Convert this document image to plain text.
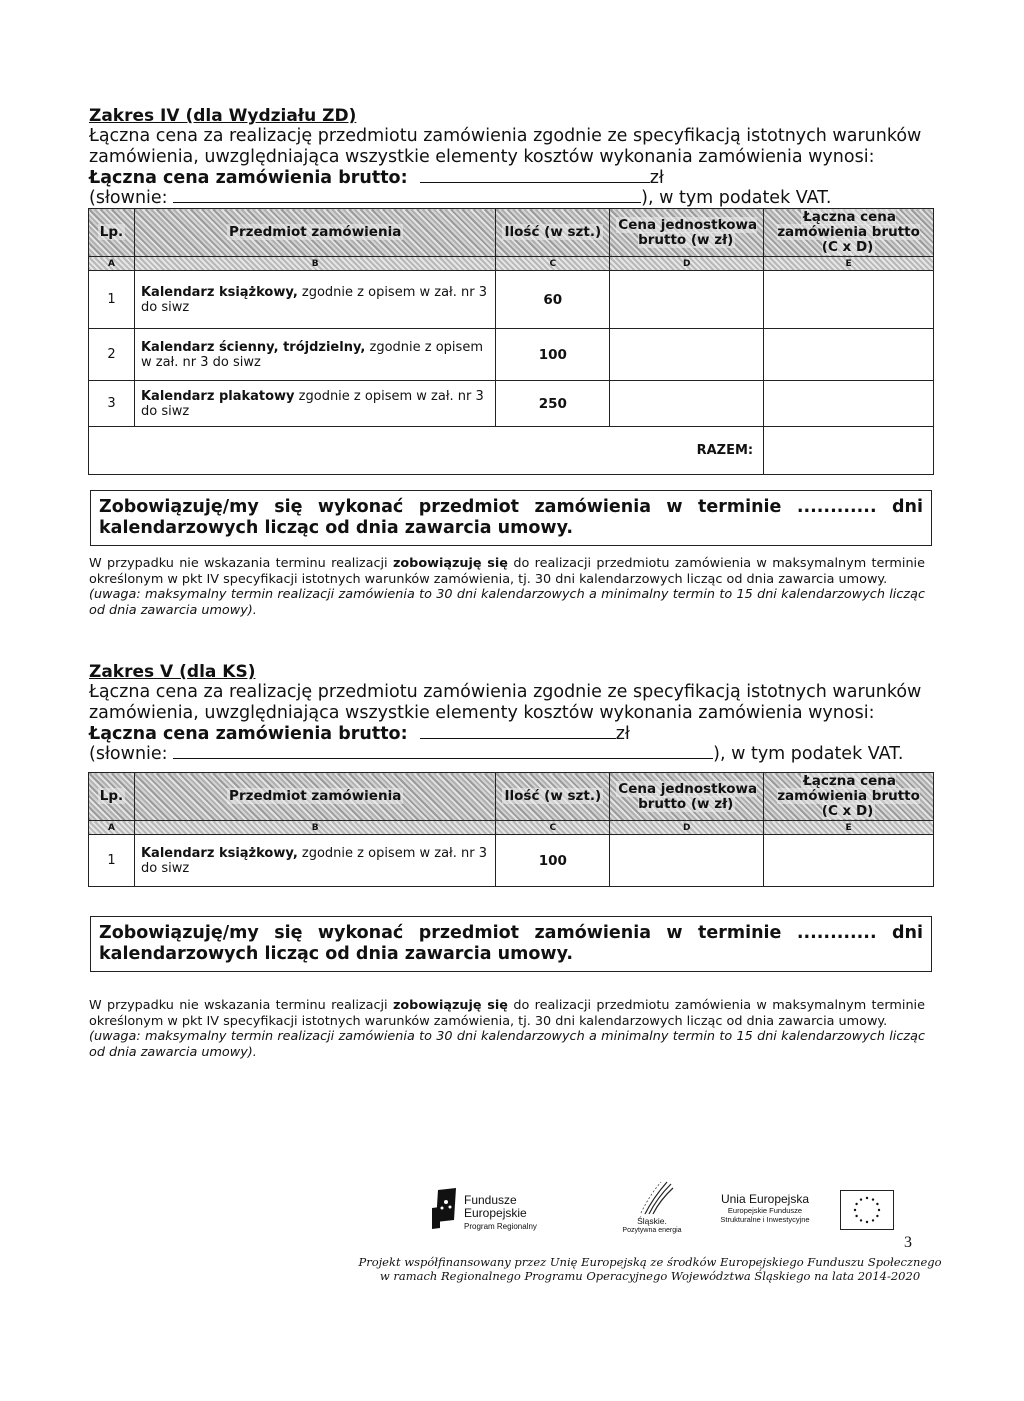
Zakres IV (dla Wydziału ZD)
Łączna cena za realizację przedmiotu zamówienia zgodnie ze specyfikacją istotnych warunków
zamówienia, uwzględniająca wszystkie elementy kosztów wykonania zamówienia wynosi:
Łączna cena zamówienia brutto:	zł
(słownie:	), w tym podatek VAT.
Lp.	Przedmiot zamówienia	Ilość (w szt.)	Cena jednostkowa brutto (w zł)	Łączna cena zamówienia brutto (C x D)
A	B	C	D	E
1	Kalendarz książkowy, zgodnie z opisem w zał. nr 3 do siwz	60		
2	Kalendarz ścienny, trójdzielny, zgodnie z opisem w zał. nr 3 do siwz	100		
3	Kalendarz plakatowy zgodnie z opisem w zał. nr 3 do siwz	250		
RAZEM:				
Zobowiązuję/my się wykonać przedmiot zamówienia w terminie ............ dni
kalendarzowych licząc od dnia zawarcia umowy.
W przypadku nie wskazania terminu realizacji zobowiązuję się do realizacji przedmiotu zamówienia w maksymalnym terminie określonym w pkt IV specyfikacji istotnych warunków zamówienia, tj. 30 dni kalendarzowych licząc od dnia zawarcia umowy.
(uwaga: maksymalny termin realizacji zamówienia to 30 dni kalendarzowych a minimalny termin to 15 dni kalendarzowych licząc od dnia zawarcia umowy).
Zakres V (dla KS)
Łączna cena za realizację przedmiotu zamówienia zgodnie ze specyfikacją istotnych warunków
zamówienia, uwzględniająca wszystkie elementy kosztów wykonania zamówienia wynosi:
Łączna cena zamówienia brutto:	zł
(słownie:	), w tym podatek VAT.
Lp.	Przedmiot zamówienia	Ilość (w szt.)	Cena jednostkowa brutto (w zł)	Łączna cena zamówienia brutto (C x D)
A	B	C	D	E
1	Kalendarz książkowy, zgodnie z opisem w zał. nr 3 do siwz	100		
Zobowiązuję/my się wykonać przedmiot zamówienia w terminie ............ dni
kalendarzowych licząc od dnia zawarcia umowy.
W przypadku nie wskazania terminu realizacji zobowiązuję się do realizacji przedmiotu zamówienia w maksymalnym terminie określonym w pkt IV specyfikacji istotnych warunków zamówienia, tj. 30 dni kalendarzowych licząc od dnia zawarcia umowy.
(uwaga: maksymalny termin realizacji zamówienia to 30 dni kalendarzowych a minimalny termin to 15 dni kalendarzowych licząc od dnia zawarcia umowy).
Fundusze
Europejskie
Program Regionalny
Śląskie.
Pozytywna energia
Unia Europejska
Europejskie Fundusze
Strukturalne i Inwestycyjne
3
Projekt współfinansowany przez Unię Europejską ze środków Europejskiego Funduszu Społecznego
w ramach Regionalnego Programu Operacyjnego Województwa Śląskiego na lata 2014-2020
